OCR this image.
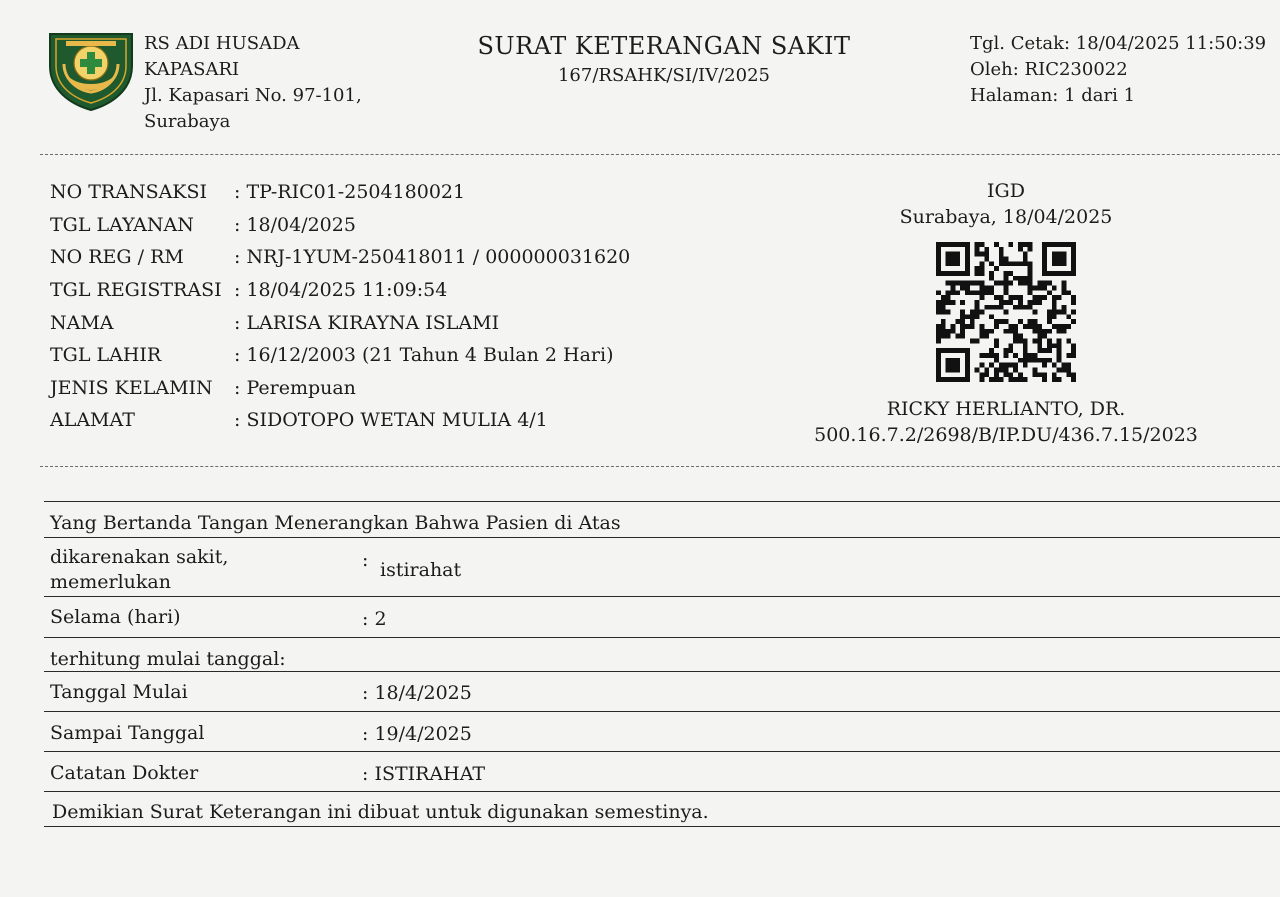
RS ADI HUSADA
KAPASARI
Jl. Kapasari No. 97-101,
Surabaya
SURAT KETERANGAN SAKIT
167/RSAHK/SI/IV/2025
Tgl. Cetak: 18/04/2025 11:50:39
Oleh: RIC230022
Halaman: 1 dari 1
NO TRANSAKSI	: TP-RIC01-2504180021
TGL LAYANAN	: 18/04/2025
NO REG / RM	: NRJ-1YUM-250418011 / 000000031620
TGL REGISTRASI : 18/04/2025 11:09:54
NAMA	: LARISA KIRAYNA ISLAMI
TGL LAHIR	: 16/12/2003 (21 Tahun 4 Bulan 2 Hari)
JENIS KELAMIN	: Perempuan
ALAMAT	: SIDOTOPO WETAN MULIA 4/1
IGD
Surabaya, 18/04/2025
RICKY HERLIANTO, DR.
500.16.7.2/2698/B/IP.DU/436.7.15/2023
Yang Bertanda Tangan Menerangkan Bahwa Pasien di Atas
dikarenakan sakit,
memerlukan
: istirahat
Selama (hari)	: 2
terhitung mulai tanggal:
Tanggal Mulai	: 18/4/2025
Sampai Tanggal	: 19/4/2025
Catatan Dokter	: ISTIRAHAT
Demikian Surat Keterangan ini dibuat untuk digunakan semestinya.
